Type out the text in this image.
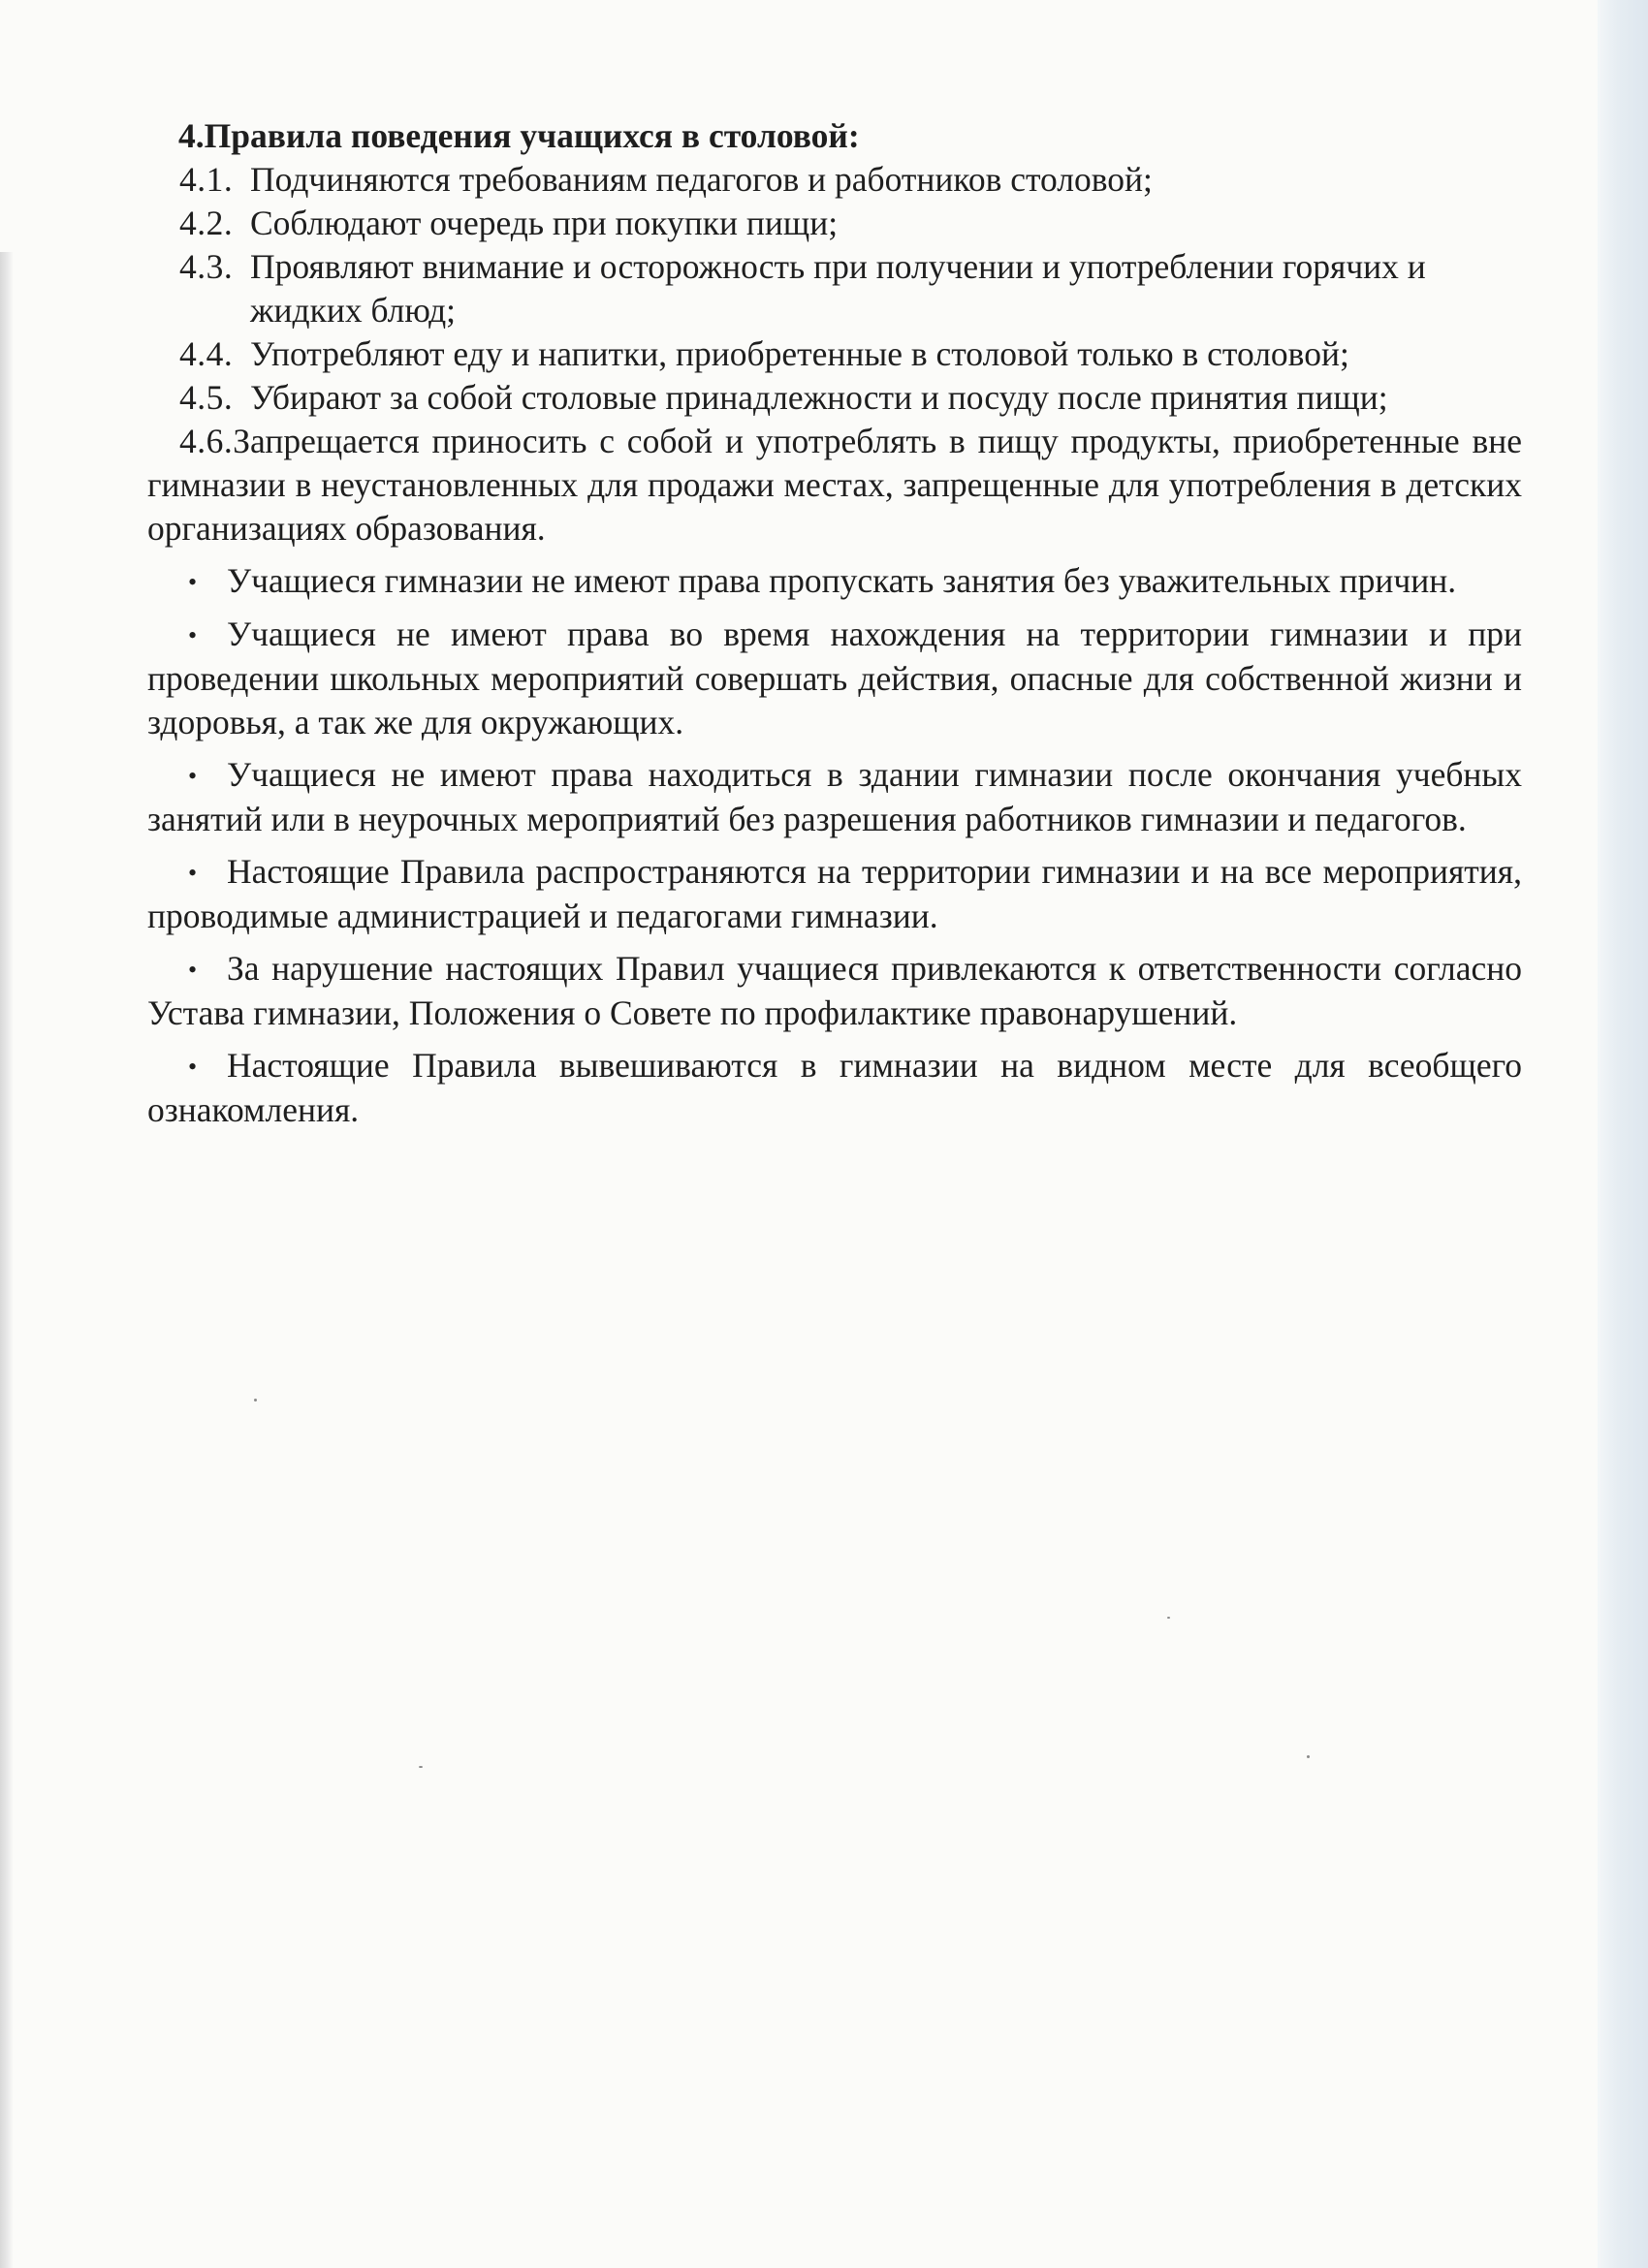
4.Правила поведения учащихся в столовой:

4.1. Подчиняются требованиям педагогов и работников столовой;
4.2. Соблюдают очередь при покупки пищи;
4.3. Проявляют внимание и осторожность при получении и употреблении горячих и жидких блюд;
4.4. Употребляют еду и напитки, приобретенные в столовой только в столовой;
4.5. Убирают за собой столовые принадлежности и посуду после принятия пищи;

4.6.Запрещается приносить с собой и употреблять в пищу продукты, приобретенные вне гимназии в неустановленных для продажи местах, запрещенные для употребления в детских организациях образования.

• Учащиеся гимназии не имеют права пропускать занятия без уважительных причин.

• Учащиеся не имеют права во время нахождения на территории гимназии и при проведении школьных мероприятий совершать действия, опасные для собственной жизни и здоровья, а так же для окружающих.

• Учащиеся не имеют права находиться в здании гимназии после окончания учебных занятий или в неурочных мероприятий без разрешения работников гимназии и педагогов.

• Настоящие Правила распространяются на территории гимназии и на все мероприятия, проводимые администрацией и педагогами гимназии.

• За нарушение настоящих Правил учащиеся привлекаются к ответственности согласно Устава гимназии, Положения о Совете по профилактике правонарушений.

• Настоящие Правила вывешиваются в гимназии на видном месте для всеобщего ознакомления.
